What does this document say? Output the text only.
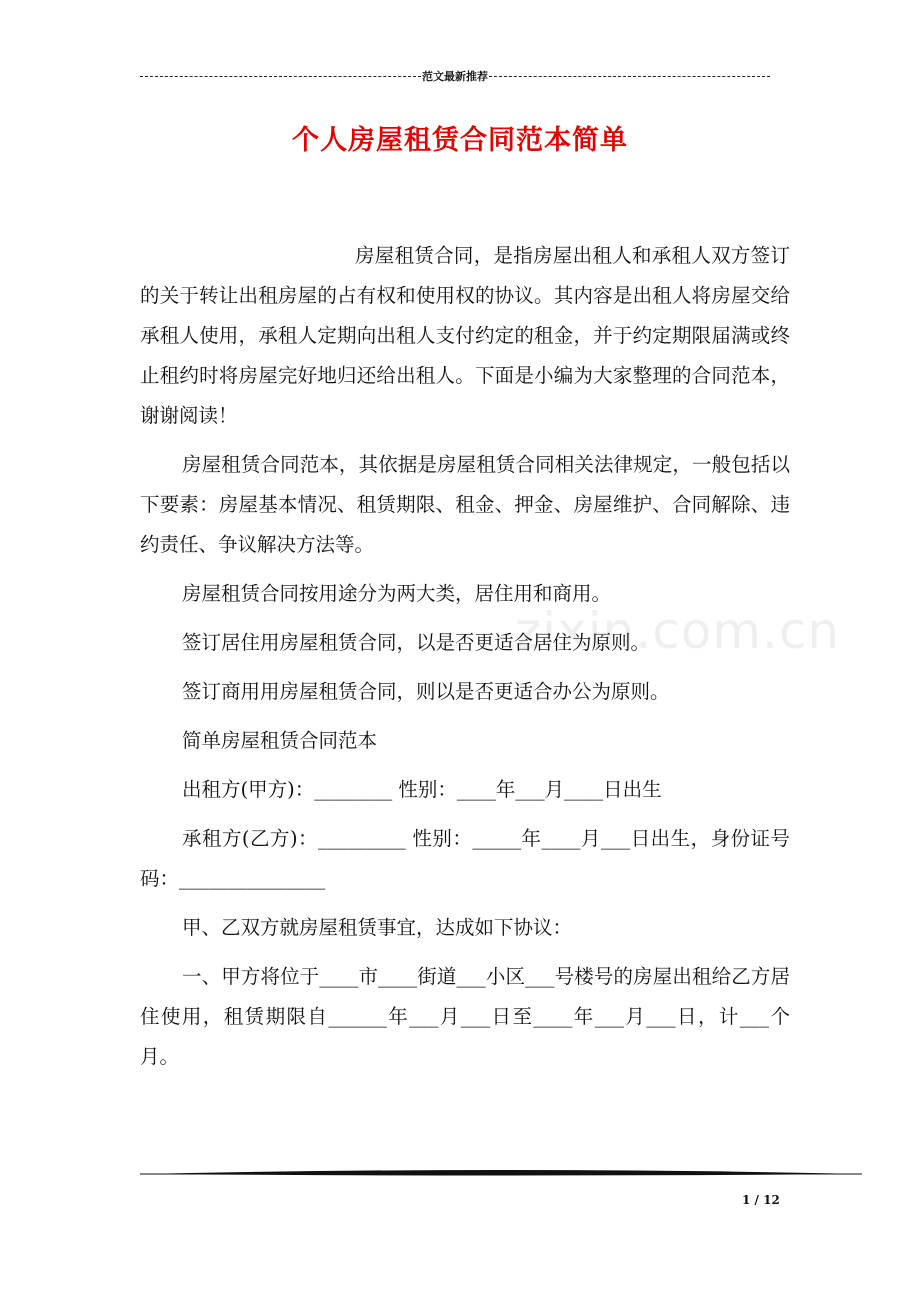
范文最新推荐
个人房屋租赁合同范本简单
zixin.com.cn

房屋租赁合同，是指房屋出租人和承租人双方签订的关于转让出租房屋的占有权和使用权的协议。其内容是出租人将房屋交给承租人使用，承租人定期向出租人支付约定的租金，并于约定期限届满或终止租约时将房屋完好地归还给出租人。下面是小编为大家整理的合同范本，谢谢阅读！

房屋租赁合同范本，其依据是房屋租赁合同相关法律规定，一般包括以下要素：房屋基本情况、租赁期限、租金、押金、房屋维护、合同解除、违约责任、争议解决方法等。

房屋租赁合同按用途分为两大类，居住用和商用。

签订居住用房屋租赁合同，以是否更适合居住为原则。

签订商用用房屋租赁合同，则以是否更适合办公为原则。

简单房屋租赁合同范本

出租方(甲方)：________ 性别：____年___月____日出生

承租方(乙方)：_________ 性别：_____年____月___日出生，身份证号码：_______________

甲、乙双方就房屋租赁事宜，达成如下协议：

一、甲方将位于____市____街道___小区___号楼号的房屋出租给乙方居住使用，租赁期限自______年___月___日至____年___月___日，计___个月。

1 / 12
